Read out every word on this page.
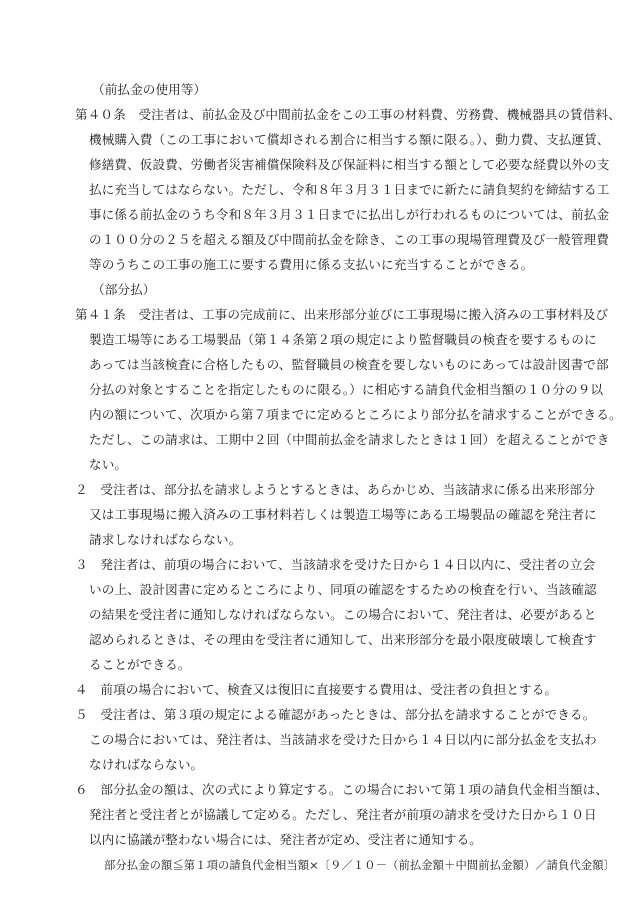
（前払金の使用等）
第４０条　受注者は、前払金及び中間前払金をこの工事の材料費、労務費、機械器具の賃借料、
機械購入費（この工事において償却される割合に相当する額に限る。）、動力費、支払運賃、
修繕費、仮設費、労働者災害補償保険料及び保証料に相当する額として必要な経費以外の支
払に充当してはならない。ただし、令和８年３月３１日までに新たに請負契約を締結する工
事に係る前払金のうち令和８年３月３１日までに払出しが行われるものについては、前払金
の１００分の２５を超える額及び中間前払金を除き、この工事の現場管理費及び一般管理費
等のうちこの工事の施工に要する費用に係る支払いに充当することができる。
（部分払）
第４１条　受注者は、工事の完成前に、出来形部分並びに工事現場に搬入済みの工事材料及び
製造工場等にある工場製品（第１４条第２項の規定により監督職員の検査を要するものに
あっては当該検査に合格したもの、監督職員の検査を要しないものにあっては設計図書で部
分払の対象とすることを指定したものに限る。）に相応する請負代金相当額の１０分の９以
内の額について、次項から第７項までに定めるところにより部分払を請求することができる。
ただし、この請求は、工期中２回（中間前払金を請求したときは１回）を超えることができ
ない。
２　受注者は、部分払を請求しようとするときは、あらかじめ、当該請求に係る出来形部分
又は工事現場に搬入済みの工事材料若しくは製造工場等にある工場製品の確認を発注者に
請求しなければならない。
３　発注者は、前項の場合において、当該請求を受けた日から１４日以内に、受注者の立会
いの上、設計図書に定めるところにより、同項の確認をするための検査を行い、当該確認
の結果を受注者に通知しなければならない。この場合において、発注者は、必要があると
認められるときは、その理由を受注者に通知して、出来形部分を最小限度破壊して検査す
ることができる。
４　前項の場合において、検査又は復旧に直接要する費用は、受注者の負担とする。
５　受注者は、第３項の規定による確認があったときは、部分払を請求することができる。
この場合においては、発注者は、当該請求を受けた日から１４日以内に部分払金を支払わ
なければならない。
６　部分払金の額は、次の式により算定する。この場合において第１項の請負代金相当額は、
発注者と受注者とが協議して定める。ただし、発注者が前項の請求を受けた日から１０日
以内に協議が整わない場合には、発注者が定め、受注者に通知する。
部分払金の額≦第１項の請負代金相当額×〔９／１０－（前払金額＋中間前払金額）／請負代金額〕
